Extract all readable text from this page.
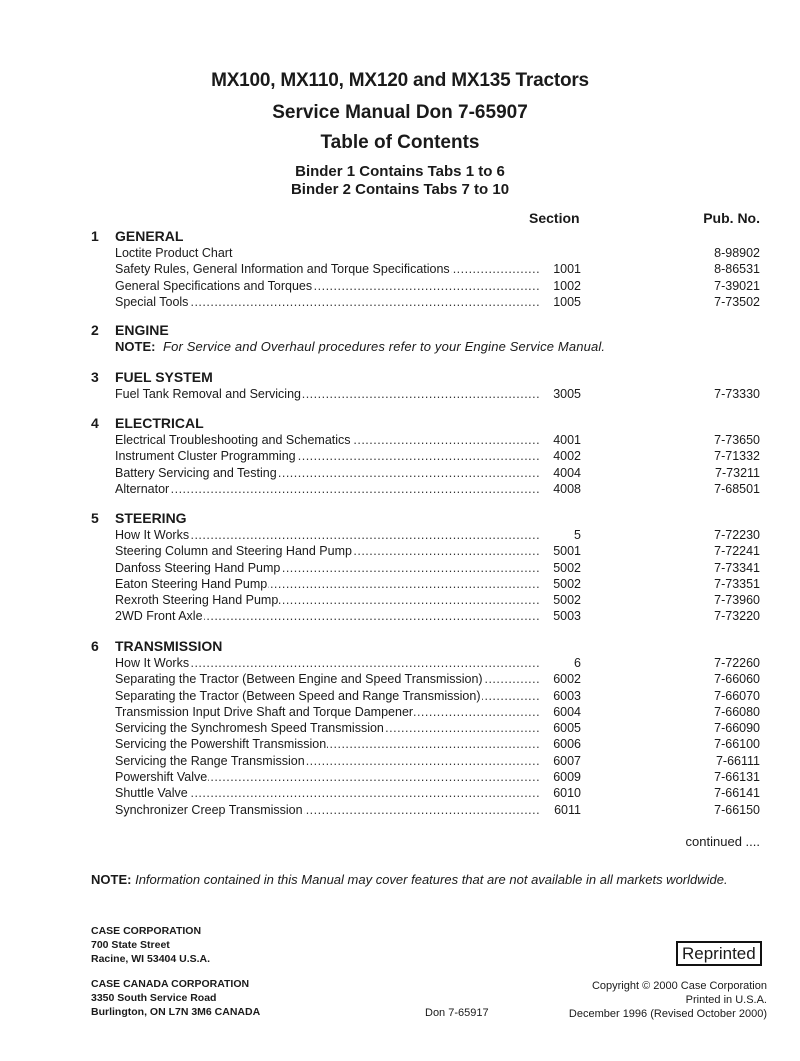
MX100, MX110, MX120 and MX135 Tractors
Service Manual Don 7-65907
Table of Contents
Binder 1 Contains Tabs 1 to 6
Binder 2 Contains Tabs 7 to 10
Section	Pub. No.
1 GENERAL
Loctite Product Chart	8-98902
Safety Rules, General Information and Torque Specifications .....	1001	8-86531
General Specifications and Torques .....	1002	7-39021
Special Tools .....	1005	7-73502
2 ENGINE
NOTE: For Service and Overhaul procedures refer to your Engine Service Manual.
3 FUEL SYSTEM
Fuel Tank Removal and Servicing .....	3005	7-73330
4 ELECTRICAL
Electrical Troubleshooting and Schematics .....	4001	7-73650
Instrument Cluster Programming .....	4002	7-71332
Battery Servicing and Testing .....	4004	7-73211
Alternator .....	4008	7-68501
5 STEERING
How It Works .....	5	7-72230
Steering Column and Steering Hand Pump .....	5001	7-72241
Danfoss Steering Hand Pump .....	5002	7-73341
Eaton Steering Hand Pump .....	5002	7-73351
Rexroth Steering Hand Pump .....	5002	7-73960
2WD Front Axle .....	5003	7-73220
6 TRANSMISSION
How It Works .....	6	7-72260
Separating the Tractor (Between Engine and Speed Transmission) .....	6002	7-66060
Separating the Tractor (Between Speed and Range Transmission) .....	6003	7-66070
Transmission Input Drive Shaft and Torque Dampener .....	6004	7-66080
Servicing the Synchromesh Speed Transmission .....	6005	7-66090
Servicing the Powershift Transmission .....	6006	7-66100
Servicing the Range Transmission .....	6007	7-66111
Powershift Valve .....	6009	7-66131
Shuttle Valve .....	6010	7-66141
Synchronizer Creep Transmission .....	6011	7-66150
continued ....
NOTE: Information contained in this Manual may cover features that are not available in all markets worldwide.
CASE CORPORATION
700 State Street
Racine, WI 53404 U.S.A.
CASE CANADA CORPORATION
3350 South Service Road
Burlington, ON L7N 3M6 CANADA
Reprinted
Copyright © 2000 Case Corporation
Printed in U.S.A.
December 1996 (Revised October 2000)
Don 7-65917
